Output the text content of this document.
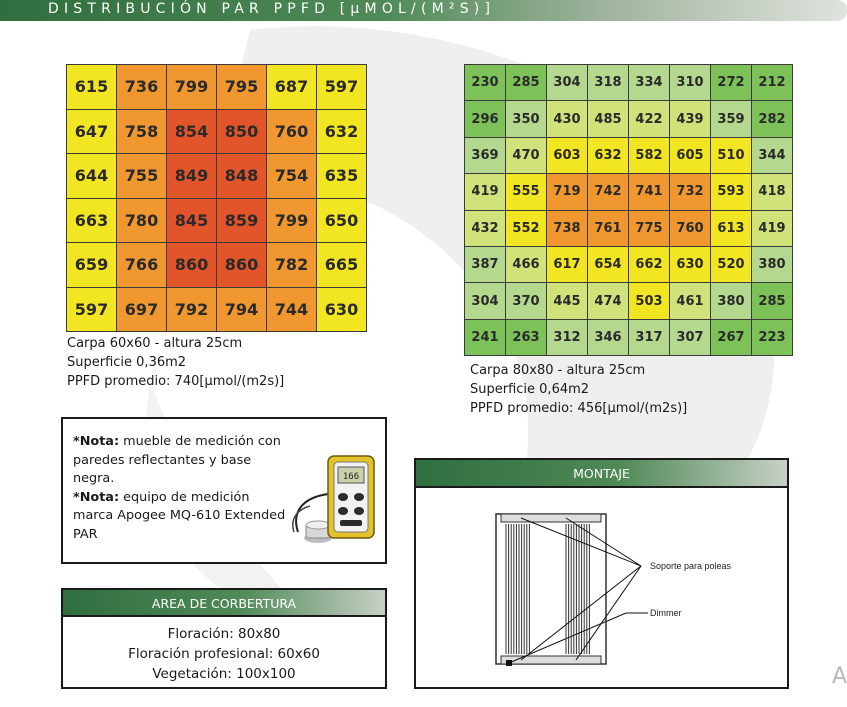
DISTRIBUCIÓN PAR PPFD [μMOL/(M²S)]
615	736	799	795	687	597
647	758	854	850	760	632
644	755	849	848	754	635
663	780	845	859	799	650
659	766	860	860	782	665
597	697	792	794	744	630
Carpa 60x60 - altura 25cm
Superficie 0,36m2
PPFD promedio: 740[μmol/(m2s)]
230	285	304	318	334	310	272	212
296	350	430	485	422	439	359	282
369	470	603	632	582	605	510	344
419	555	719	742	741	732	593	418
432	552	738	761	775	760	613	419
387	466	617	654	662	630	520	380
304	370	445	474	503	461	380	285
241	263	312	346	317	307	267	223
Carpa 80x80 - altura 25cm
Superficie 0,64m2
PPFD promedio: 456[μmol/(m2s)]
*Nota: mueble de medición con paredes reflectantes y base negra.
*Nota: equipo de medición marca Apogee MQ-610 Extended PAR
166
AREA DE CORBERTURA
Floración: 80x80
Floración profesional: 60x60
Vegetación: 100x100
MONTAJE
Soporte para poleas
Dimmer
A
